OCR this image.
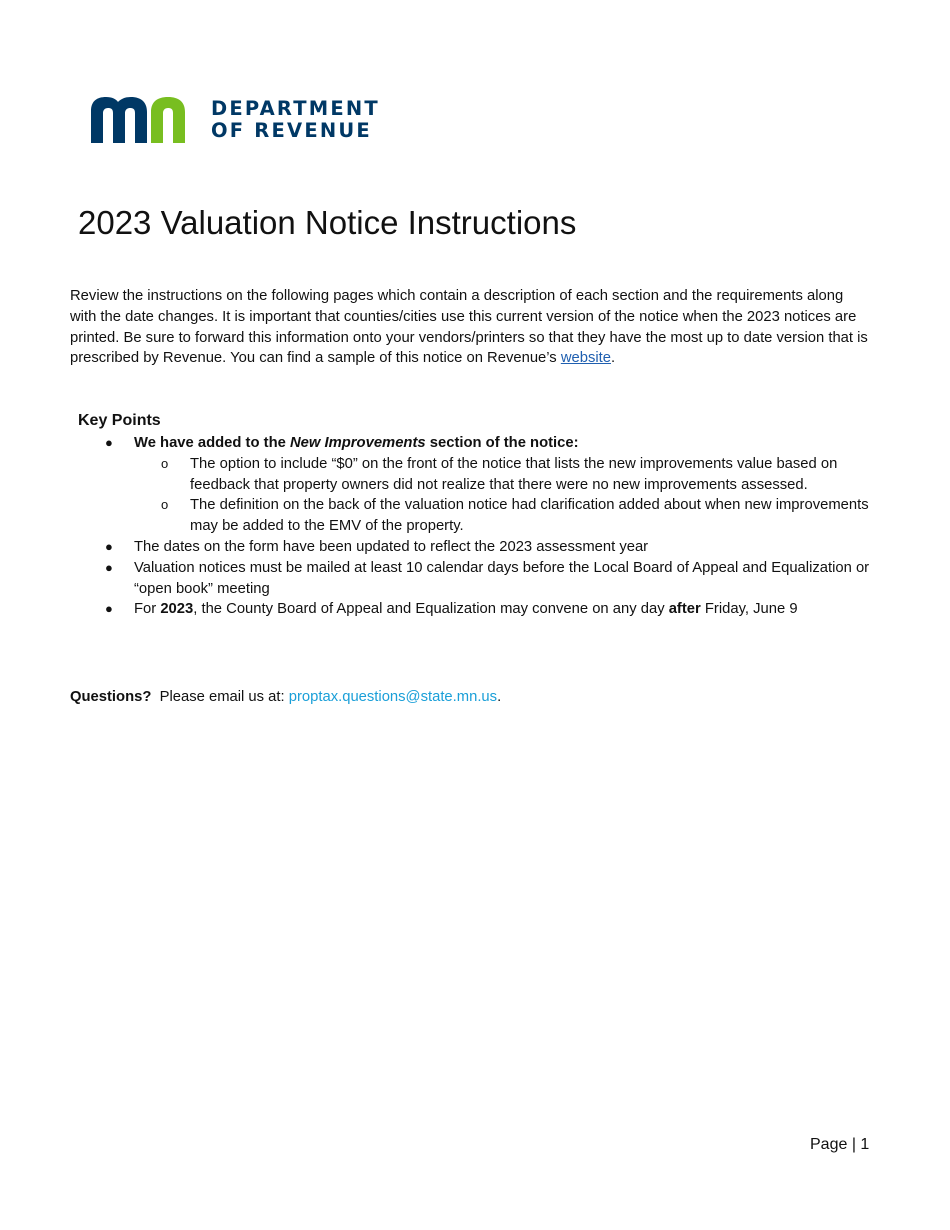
DEPARTMENT
OF REVENUE
2023 Valuation Notice Instructions

Review the instructions on the following pages which contain a description of each section and the requirements along with the date changes. It is important that counties/cities use this current version of the notice when the 2023 notices are printed. Be sure to forward this information onto your vendors/printers so that they have the most up to date version that is prescribed by Revenue. You can find a sample of this notice on Revenue’s website.

Key Points
● We have added to the New Improvements section of the notice:
o The option to include “$0” on the front of the notice that lists the new improvements value based on feedback that property owners did not realize that there were no new improvements assessed.
o The definition on the back of the valuation notice had clarification added about when new improvements may be added to the EMV of the property.
● The dates on the form have been updated to reflect the 2023 assessment year
● Valuation notices must be mailed at least 10 calendar days before the Local Board of Appeal and Equalization or “open book” meeting
● For 2023, the County Board of Appeal and Equalization may convene on any day after Friday, June 9
Questions?  Please email us at: proptax.questions@state.mn.us.
Page | 1
